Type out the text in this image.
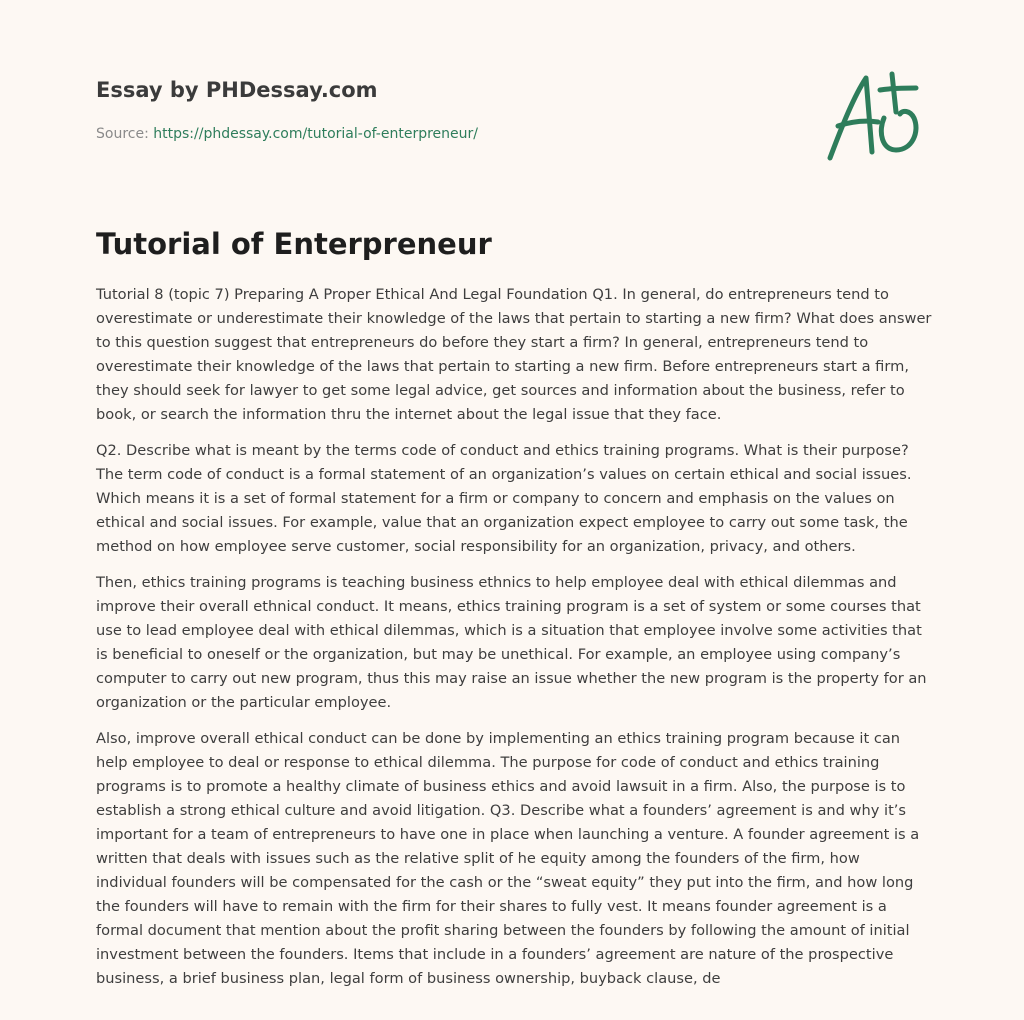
Essay by PHDessay.com
Source: https://phdessay.com/tutorial-of-enterpreneur/
Tutorial of Enterpreneur

Tutorial 8 (topic 7) Preparing A Proper Ethical And Legal Foundation Q1. In general, do entrepreneurs tend to overestimate or underestimate their knowledge of the laws that pertain to starting a new firm? What does answer to this question suggest that entrepreneurs do before they start a firm? In general, entrepreneurs tend to overestimate their knowledge of the laws that pertain to starting a new firm. Before entrepreneurs start a firm, they should seek for lawyer to get some legal advice, get sources and information about the business, refer to book, or search the information thru the internet about the legal issue that they face.

Q2. Describe what is meant by the terms code of conduct and ethics training programs. What is their purpose? The term code of conduct is a formal statement of an organization’s values on certain ethical and social issues. Which means it is a set of formal statement for a firm or company to concern and emphasis on the values on ethical and social issues. For example, value that an organization expect employee to carry out some task, the method on how employee serve customer, social responsibility for an organization, privacy, and others.

Then, ethics training programs is teaching business ethnics to help employee deal with ethical dilemmas and improve their overall ethnical conduct. It means, ethics training program is a set of system or some courses that use to lead employee deal with ethical dilemmas, which is a situation that employee involve some activities that is beneficial to oneself or the organization, but may be unethical. For example, an employee using company’s computer to carry out new program, thus this may raise an issue whether the new program is the property for an organization or the particular employee.

Also, improve overall ethical conduct can be done by implementing an ethics training program because it can help employee to deal or response to ethical dilemma. The purpose for code of conduct and ethics training programs is to promote a healthy climate of business ethics and avoid lawsuit in a firm. Also, the purpose is to establish a strong ethical culture and avoid litigation. Q3. Describe what a founders’ agreement is and why it’s important for a team of entrepreneurs to have one in place when launching a venture. A founder agreement is a written that deals with issues such as the relative split of he equity among the founders of the firm, how individual founders will be compensated for the cash or the “sweat equity” they put into the firm, and how long the founders will have to remain with the firm for their shares to fully vest. It means founder agreement is a formal document that mention about the profit sharing between the founders by following the amount of initial investment between the founders. Items that include in a founders’ agreement are nature of the prospective business, a brief business plan, legal form of business ownership, buyback clause, de
